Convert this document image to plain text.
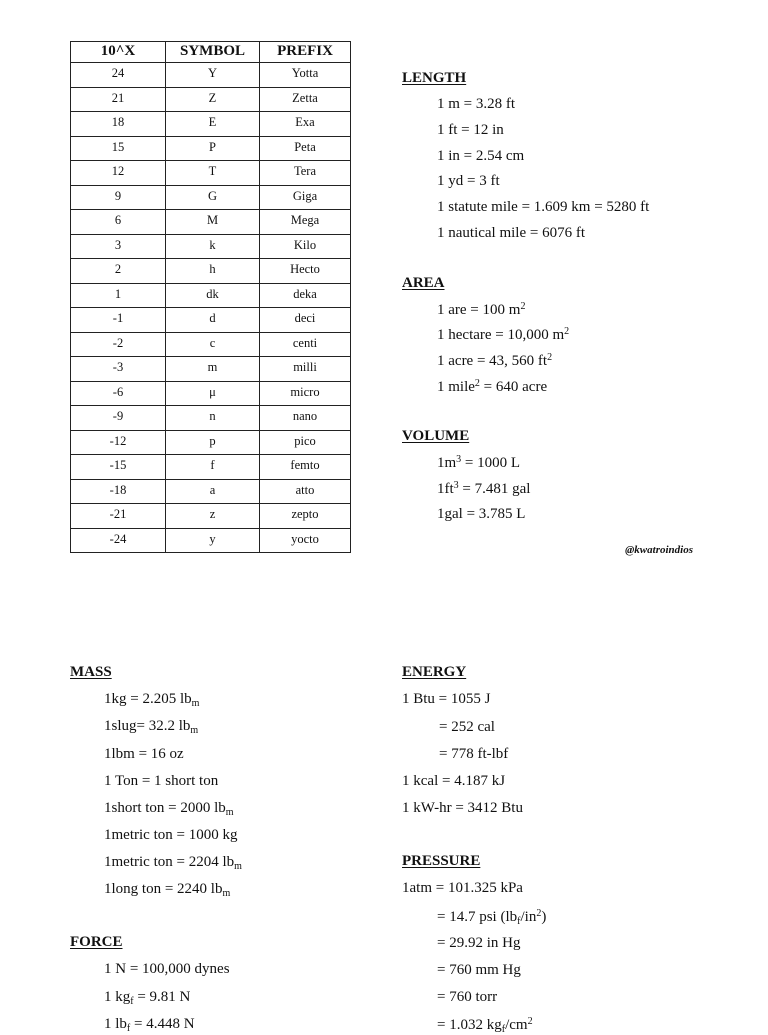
10^X	SYMBOL	PREFIX
24	Y	Yotta
21	Z	Zetta
18	E	Exa
15	P	Peta
12	T	Tera
9	G	Giga
6	M	Mega
3	k	Kilo
2	h	Hecto
1	dk	deka
-1	d	deci
-2	c	centi
-3	m	milli
-6	μ	micro
-9	n	nano
-12	p	pico
-15	f	femto
-18	a	atto
-21	z	zepto
-24	y	yocto
LENGTH
1 m = 3.28 ft
1 ft = 12 in
1 in = 2.54 cm
1 yd = 3 ft
1 statute mile = 1.609 km = 5280 ft
1 nautical mile = 6076 ft
AREA
1 are = 100 $m^2$
1 hectare = 10,000 $m^2$
1 acre = 43, 560 $ft^2$
1 mile$^2$ = 640 acre
VOLUME
$1m^3 = 1000$ L
$1ft^3 = 7.481$ gal
1gal = 3.785 L
@kwatroindios
MASS
1kg = 2.205 $lb_m$
1slug= 32.2 $lb_m$
1lbm = 16 oz
1 Ton = 1 short ton
1short ton = 2000 $lb_m$
1metric ton = 1000 kg
1metric ton = 2204 $lb_m$
1long ton = 2240 $lb_m$
FORCE
1 N = 100,000 dynes
1 $kg_f = 9.81$ N
1 $lb_f = 4.448$ N
ENERGY
1 Btu = 1055 J
= 252 cal
= 778 ft-lbf
1 kcal = 4.187 kJ
1 kW-hr = 3412 Btu
PRESSURE
1atm = 101.325 kPa
= 14.7 psi $(lb_f/in^2)$
= 29.92 in Hg
= 760 mm Hg
= 760 torr
= 1.032 $kg_f/cm^2$
